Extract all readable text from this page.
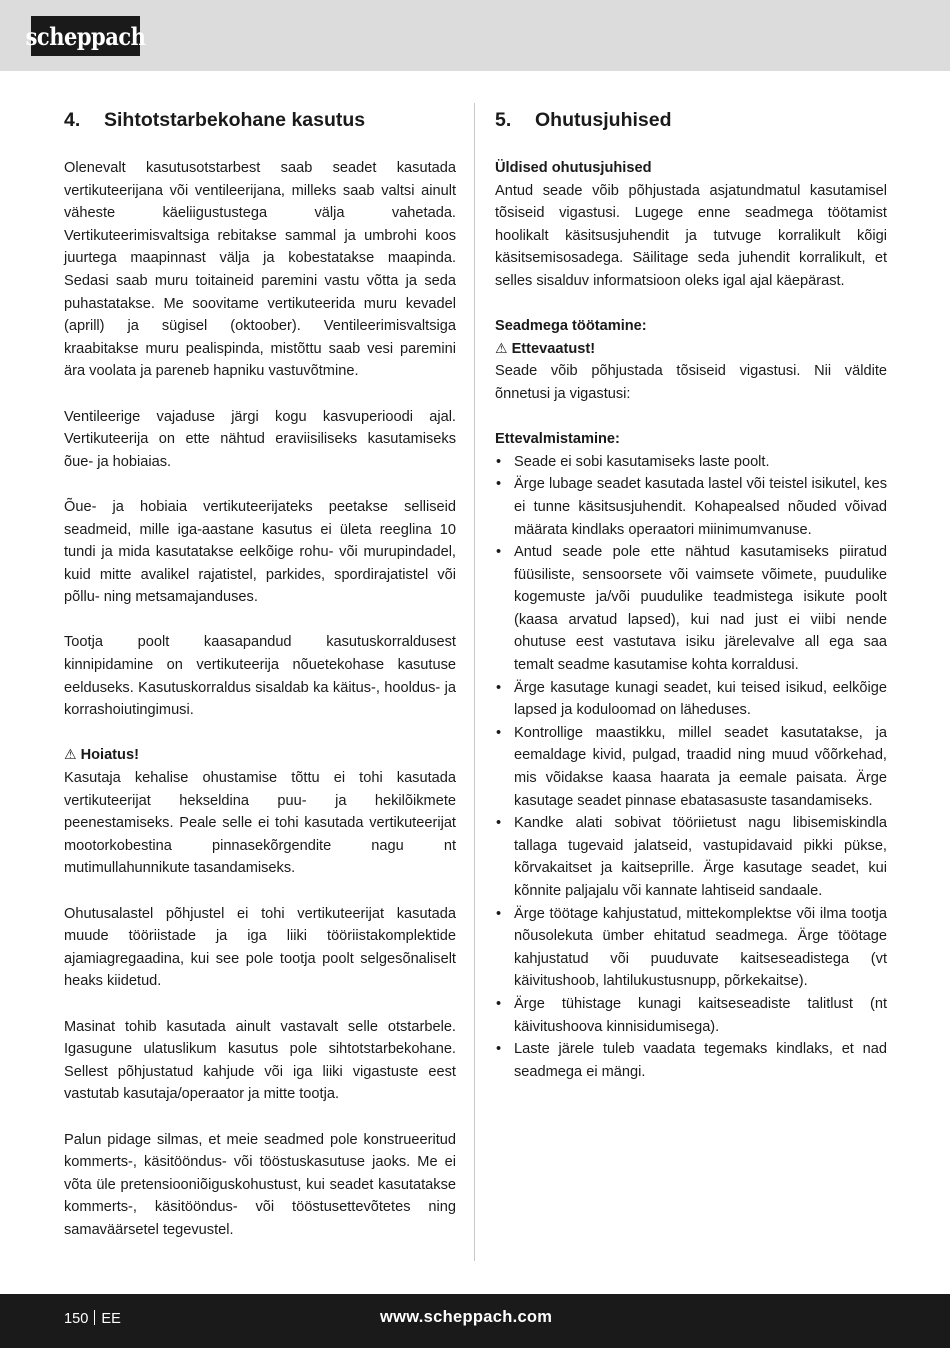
scheppach
4.	Sihtotstarbekohane kasutus

Olenevalt kasutusotstarbest saab seadet kasutada vertikuteerijana või ventileerijana, milleks saab valtsi ainult väheste käeliigustustega välja vahetada. Vertikuteerimisvaltsiga rebitakse sammal ja umbrohi koos juurtega maapinnast välja ja kobestatakse maapinda. Sedasi saab muru toitaineid paremini vastu võtta ja seda puhastatakse. Me soovitame vertikuteerida muru kevadel (aprill) ja sügisel (oktoober). Ventileerimisvaltsiga kraabitakse muru pealispinda, mistõttu saab vesi paremini ära voolata ja pareneb hapniku vastuvõtmine.

Ventileerige vajaduse järgi kogu kasvuperioodi ajal. Vertikuteerija on ette nähtud eraviisiliseks kasutamiseks õue- ja hobiaias.

Õue- ja hobiaia vertikuteerijateks peetakse selliseid seadmeid, mille iga-aastane kasutus ei ületa reeglina 10 tundi ja mida kasutatakse eelkõige rohu- või murupindadel, kuid mitte avalikel rajatistel, parkides, spordirajatistel või põllu- ning metsamajanduses.

Tootja poolt kaasapandud kasutuskorraldusest kinnipidamine on vertikuteerija nõuetekohase kasutuse eelduseks. Kasutuskorraldus sisaldab ka käitus-, hooldus- ja korrashoiutingimusi.

⚠ Hoiatus!
Kasutaja kehalise ohustamise tõttu ei tohi kasutada vertikuteerijat hekseldina puu- ja hekilõikmete peenestamiseks. Peale selle ei tohi kasutada vertikuteerijat mootorkobestina pinnasekõrgendite nagu nt mutimullahunnikute tasandamiseks.

Ohutusalastel põhjustel ei tohi vertikuteerijat kasutada muude tööriistade ja iga liiki tööriistakomplektide ajamiagregaadina, kui see pole tootja poolt selgesõnaliselt heaks kiidetud.

Masinat tohib kasutada ainult vastavalt selle otstarbele. Igasugune ulatuslikum kasutus pole sihtotstarbekohane. Sellest põhjustatud kahjude või iga liiki vigastuste eest vastutab kasutaja/operaator ja mitte tootja.

Palun pidage silmas, et meie seadmed pole konstrueeritud kommerts-, käsitööndus- või tööstuskasutuse jaoks. Me ei võta üle pretensiooniõiguskohustust, kui seadet kasutatakse kommerts-, käsitööndus- või tööstusettevõtetes ning samaväärsetel tegevustel.

5.	Ohutusjuhised

Üldised ohutusjuhised
Antud seade võib põhjustada asjatundmatul kasutamisel tõsiseid vigastusi. Lugege enne seadmega töötamist hoolikalt käsitsusjuhendit ja tutvuge korralikult kõigi käsitsemisosadega. Säilitage seda juhendit korralikult, et selles sisalduv informatsioon oleks igal ajal käepärast.

Seadmega töötamine:
⚠ Ettevaatust!
Seade võib põhjustada tõsiseid vigastusi. Nii väldite õnnetusi ja vigastusi:

Ettevalmistamine:
• Seade ei sobi kasutamiseks laste poolt.
• Ärge lubage seadet kasutada lastel või teistel isikutel, kes ei tunne käsitsusjuhendit. Kohapealsed nõuded võivad määrata kindlaks operaatori miinimumvanuse.
• Antud seade pole ette nähtud kasutamiseks piiratud füüsiliste, sensoorsete või vaimsete võimete, puudulike kogemuste ja/või puudulike teadmistega isikute poolt (kaasa arvatud lapsed), kui nad just ei viibi nende ohutuse eest vastutava isiku järelevalve all ega saa temalt seadme kasutamise kohta korraldusi.
• Ärge kasutage kunagi seadet, kui teised isikud, eelkõige lapsed ja koduloomad on läheduses.
• Kontrollige maastikku, millel seadet kasutatakse, ja eemaldage kivid, pulgad, traadid ning muud võõrkehad, mis võidakse kaasa haarata ja eemale paisata. Ärge kasutage seadet pinnase ebatasasuste tasandamiseks.
• Kandke alati sobivat tööriietust nagu libisemiskindla tallaga tugevaid jalatseid, vastupidavaid pikki pükse, kõrvakaitset ja kaitseprille. Ärge kasutage seadet, kui kõnnite paljajalu või kannate lahtiseid sandaale.
• Ärge töötage kahjustatud, mittekomplektse või ilma tootja nõusolekuta ümber ehitatud seadmega. Ärge töötage kahjustatud või puuduvate kaitseseadistega (vt käivitushoob, lahtilukustusnupp, põrkekaitse).
• Ärge tühistage kunagi kaitseseadiste talitlust (nt käivitushoova kinnisidumisega).
• Laste järele tuleb vaadata tegemaks kindlaks, et nad seadmega ei mängi.
150 EE	www.scheppach.com
